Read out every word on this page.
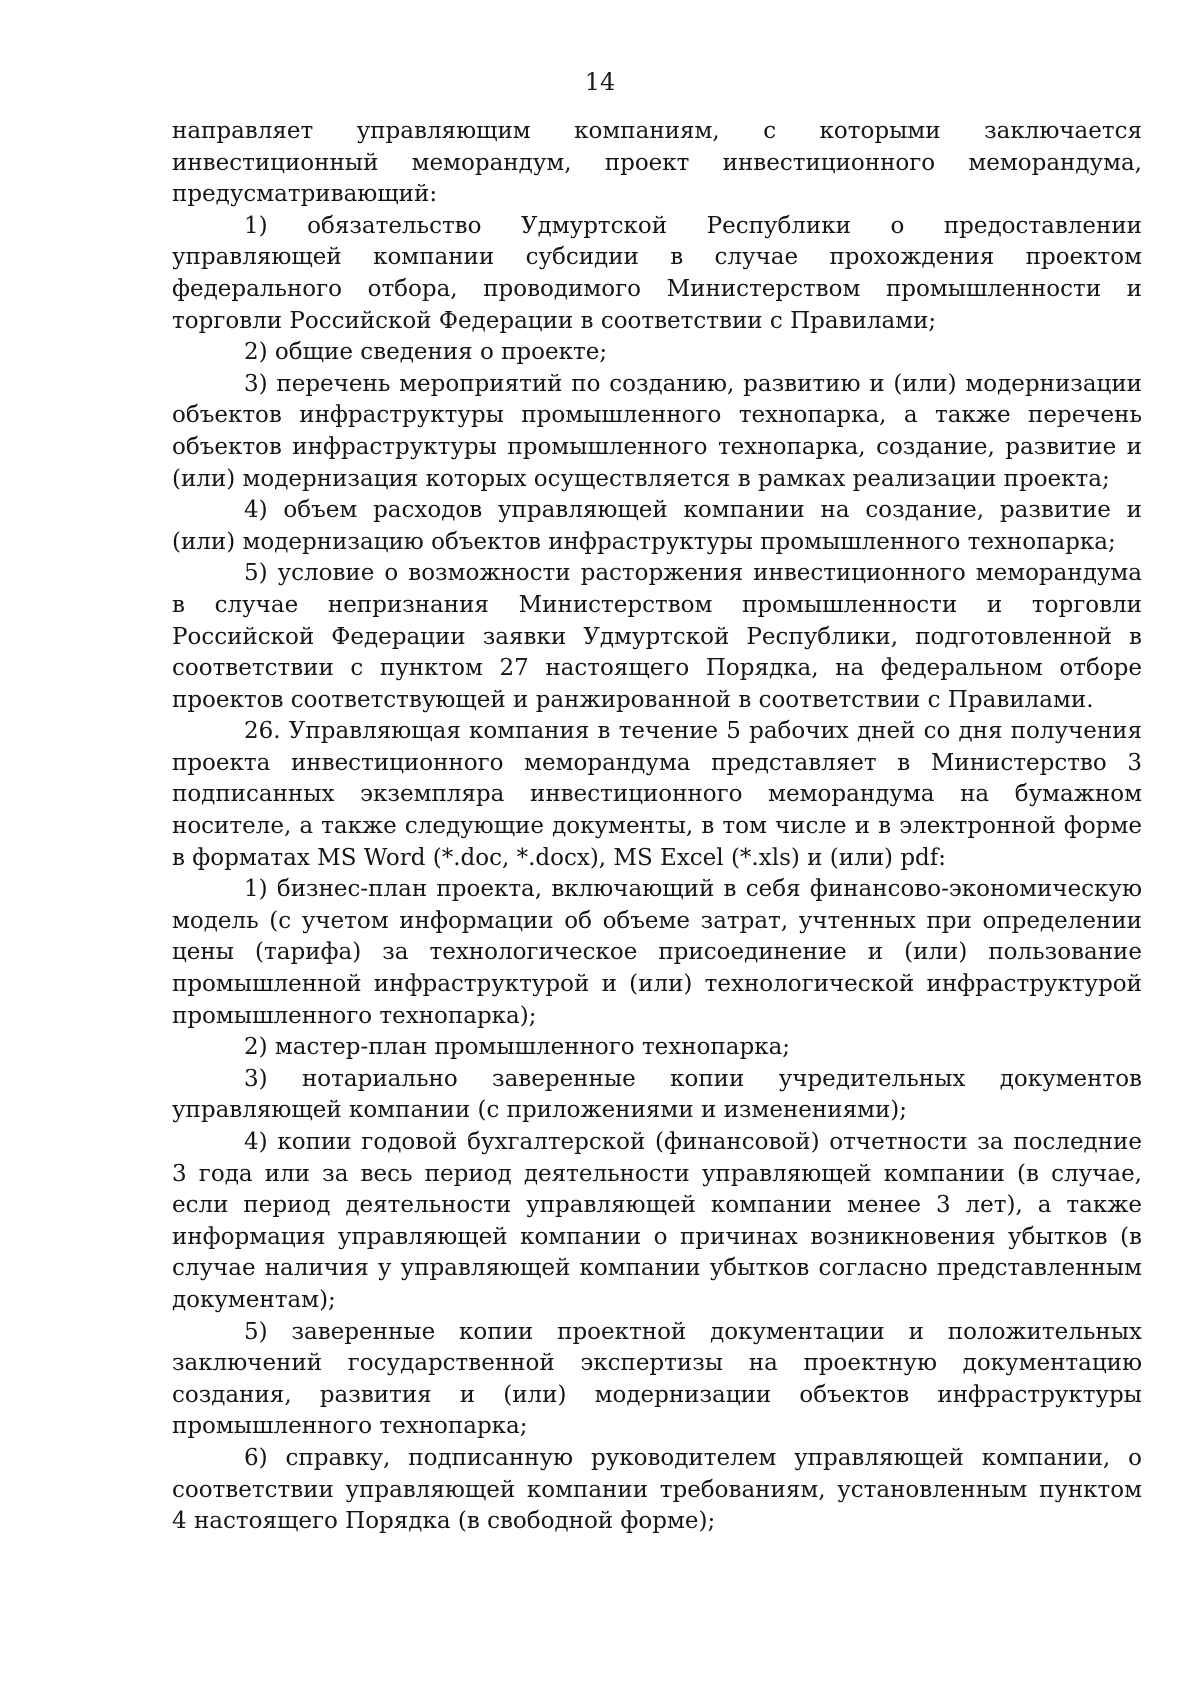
14

направляет управляющим компаниям, с которыми заключается инвестиционный меморандум, проект инвестиционного меморандума, предусматривающий:

1) обязательство Удмуртской Республики о предоставлении управляющей компании субсидии в случае прохождения проектом федерального отбора, проводимого Министерством промышленности и торговли Российской Федерации в соответствии с Правилами;

2) общие сведения о проекте;

3) перечень мероприятий по созданию, развитию и (или) модернизации объектов инфраструктуры промышленного технопарка, а также перечень объектов инфраструктуры промышленного технопарка, создание, развитие и (или) модернизация которых осуществляется в рамках реализации проекта;

4) объем расходов управляющей компании на создание, развитие и (или) модернизацию объектов инфраструктуры промышленного технопарка;

5) условие о возможности расторжения инвестиционного меморандума в случае непризнания Министерством промышленности и торговли Российской Федерации заявки Удмуртской Республики, подготовленной в соответствии с пунктом 27 настоящего Порядка, на федеральном отборе проектов соответствующей и ранжированной в соответствии с Правилами.

26. Управляющая компания в течение 5 рабочих дней со дня получения проекта инвестиционного меморандума представляет в Министерство 3 подписанных экземпляра инвестиционного меморандума на бумажном носителе, а также следующие документы, в том числе и в электронной форме в форматах MS Word (*.doc, *.docx), MS Excel (*.xls) и (или) pdf:

1) бизнес-план проекта, включающий в себя финансово-экономическую модель (с учетом информации об объеме затрат, учтенных при определении цены (тарифа) за технологическое присоединение и (или) пользование промышленной инфраструктурой и (или) технологической инфраструктурой промышленного технопарка);

2) мастер-план промышленного технопарка;

3) нотариально заверенные копии учредительных документов управляющей компании (с приложениями и изменениями);

4) копии годовой бухгалтерской (финансовой) отчетности за последние 3 года или за весь период деятельности управляющей компании (в случае, если период деятельности управляющей компании менее 3 лет), а также информация управляющей компании о причинах возникновения убытков (в случае наличия у управляющей компании убытков согласно представленным документам);

5) заверенные копии проектной документации и положительных заключений государственной экспертизы на проектную документацию создания, развития и (или) модернизации объектов инфраструктуры промышленного технопарка;

6) справку, подписанную руководителем управляющей компании, о соответствии управляющей компании требованиям, установленным пунктом 4 настоящего Порядка (в свободной форме);
